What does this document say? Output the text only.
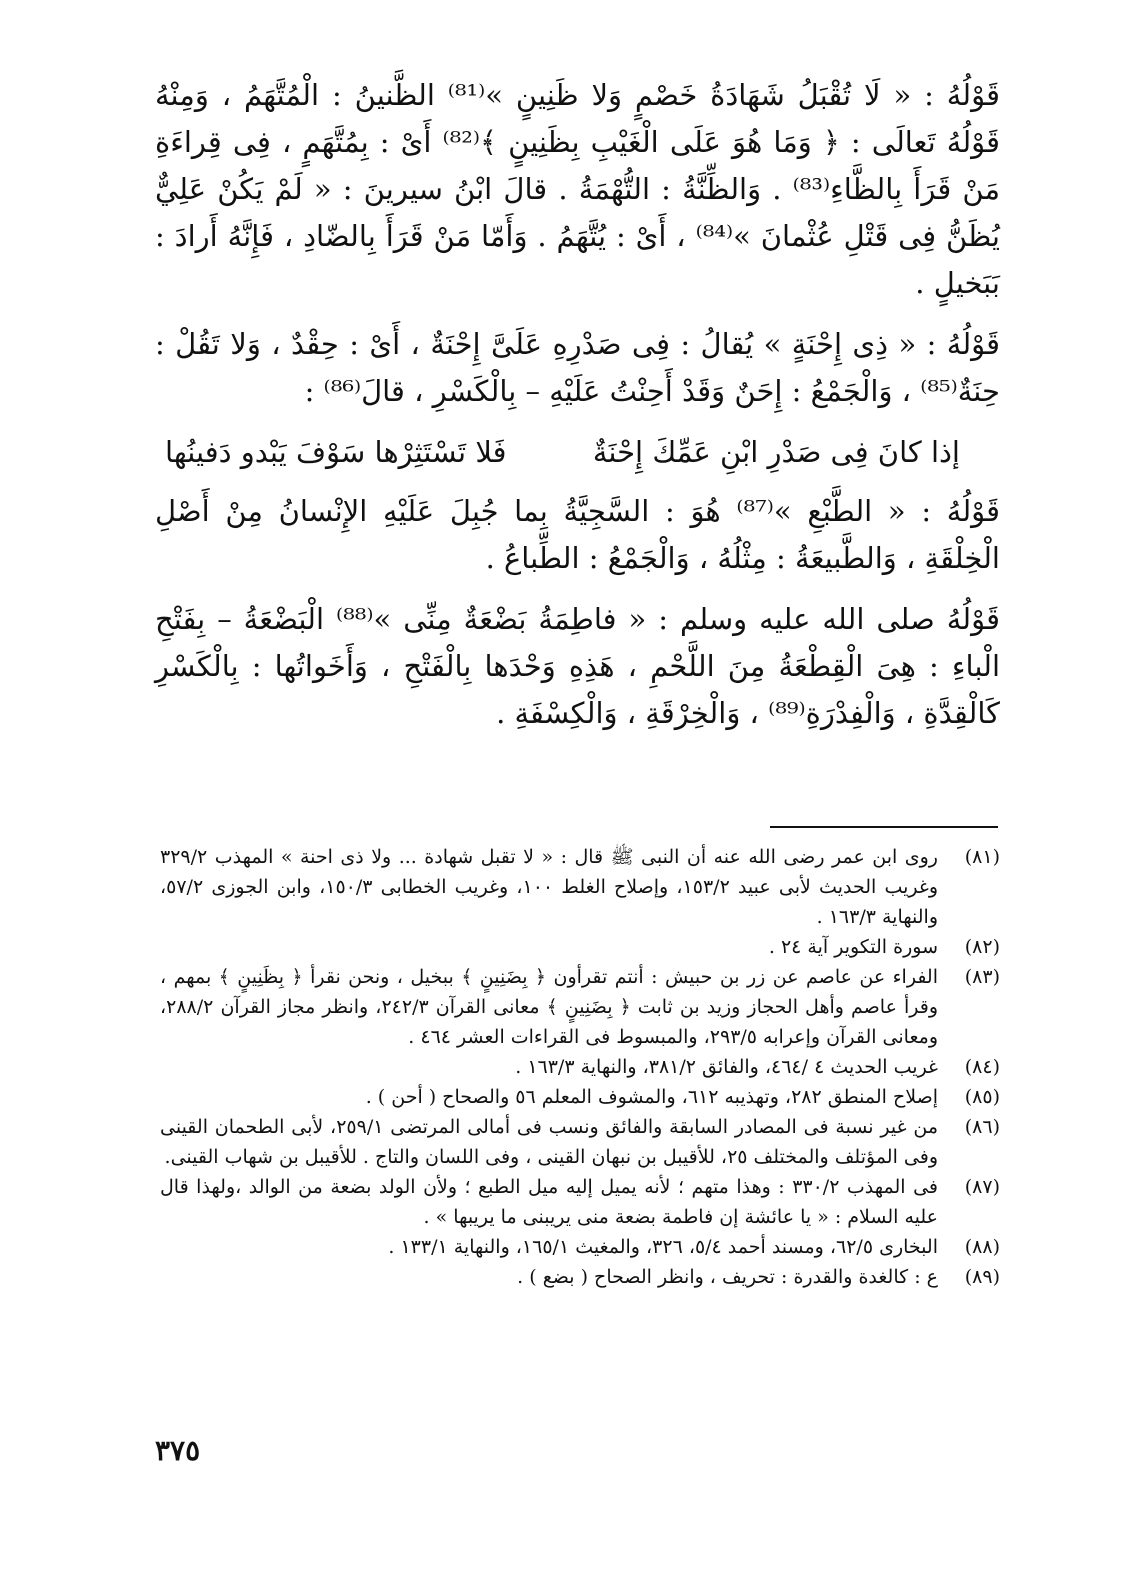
قَوْلُهُ : « لَا تُقْبَلُ شَهَادَةُ خَصْمٍ وَلا ظَنِينٍ »⁽⁸¹⁾ الظَّنينُ : الْمُتَّهَمُ ، وَمِنْهُ قَوْلُهُ تَعالَى : ﴿ وَمَا هُوَ عَلَى الْغَيْبِ بِظَنِينٍ ﴾⁽⁸²⁾ أَىْ : بِمُتَّهَمٍ ، فِى قِراءَةِ مَنْ قَرَأَ بِالظَّاءِ⁽⁸³⁾ . وَالظِّنَّةُ : التُّهْمَةُ . قالَ ابْنُ سيرينَ : « لَمْ يَكُنْ عَلِيٌّ يُظَنُّ فِى قَتْلِ عُثْمانَ »⁽⁸⁴⁾ ، أَىْ : يُتَّهَمُ . وَأَمّا مَنْ قَرَأَ بِالضّادِ ، فَإِنَّهُ أَرادَ : بَبَخيلٍ .

قَوْلُهُ : « ذِى إِحْنَةٍ » يُقالُ : فِى صَدْرِهِ عَلَىَّ إِحْنَةٌ ، أَىْ : حِقْدٌ ، وَلا تَقُلْ : حِنَةٌ⁽⁸⁵⁾ ، وَالْجَمْعُ : إِحَنٌ وَقَدْ أَحِنْتُ عَلَيْهِ – بِالْكَسْرِ ، قالَ⁽⁸⁶⁾ :

إذا كانَ فِى صَدْرِ ابْنِ عَمِّكَ إِحْنَةٌ
فَلا تَسْتَثِرْها سَوْفَ يَبْدو دَفينُها

قَوْلُهُ : « الطَّبْعِ »⁽⁸⁷⁾ هُوَ : السَّجِيَّةُ بِما جُبِلَ عَلَيْهِ الإِنْسانُ مِنْ أَصْلِ الْخِلْقَةِ ، وَالطَّبيعَةُ : مِثْلُهُ ، وَالْجَمْعُ : الطِّباعُ .

قَوْلُهُ صلى الله عليه وسلم : « فاطِمَةُ بَضْعَةٌ مِنِّى »⁽⁸⁸⁾ الْبَضْعَةُ – بِفَتْحِ الْباءِ : هِىَ الْقِطْعَةُ مِنَ اللَّحْمِ ، هَذِهِ وَحْدَها بِالْفَتْحِ ، وَأَخَواتُها : بِالْكَسْرِ كَالْقِدَّةِ ، وَالْفِدْرَةِ⁽⁸⁹⁾ ، وَالْخِرْقَةِ ، وَالْكِسْفَةِ .

(٨١)
روى ابن عمر رضى الله عنه أن النبى ﷺ قال : « لا تقبل شهادة ... ولا ذى احنة » المهذب ٣٢٩/٢ وغريب الحديث لأبى عبيد ١٥٣/٢، وإصلاح الغلط ١٠٠، وغريب الخطابى ١٥٠/٣، وابن الجوزى ٥٧/٢، والنهاية ١٦٣/٣ .
(٨٢)
سورة التكوير آية ٢٤ .
(٨٣)
الفراء عن عاصم عن زر بن حبيش : أنتم تقرأون ﴿ بِضَنِينٍ ﴾ ببخيل ، ونحن نقرأ ﴿ بِظَنِينٍ ﴾ بمهم ، وقرأ عاصم وأهل الحجاز وزيد بن ثابت ﴿ بِضَنِينٍ ﴾ معانى القرآن ٢٤٢/٣، وانظر مجاز القرآن ٢٨٨/٢، ومعانى القرآن وإعرابه ٢٩٣/٥، والمبسوط فى القراءات العشر ٤٦٤ .
(٨٤)
غريب الحديث ٤ /٤٦٤، والفائق ٣٨١/٢، والنهاية ١٦٣/٣ .
(٨٥)
إصلاح المنطق ٢٨٢، وتهذيبه ٦١٢، والمشوف المعلم ٥٦ والصحاح ( أحن ) .
(٨٦)
من غير نسبة فى المصادر السابقة والفائق ونسب فى أمالى المرتضى ٢٥٩/١، لأبى الطحمان القينى وفى المؤتلف والمختلف ٢٥، للأقيبل بن نبهان القينى ، وفى اللسان والتاج . للأقيبل بن شهاب القينى.
(٨٧)
فى المهذب ٣٣٠/٢ : وهذا متهم ؛ لأنه يميل إليه ميل الطبع ؛ ولأن الولد بضعة من الوالد ،ولهذا قال عليه السلام : « يا عائشة إن فاطمة بضعة منى يريبنى ما يريبها » .
(٨٨)
البخارى ٦٢/٥، ومسند أحمد ٥/٤، ٣٢٦، والمغيث ١٦٥/١، والنهاية ١٣٣/١ .
(٨٩)
ع : كالغدة والقدرة : تحريف ، وانظر الصحاح ( بضع ) .
٣٧٥
